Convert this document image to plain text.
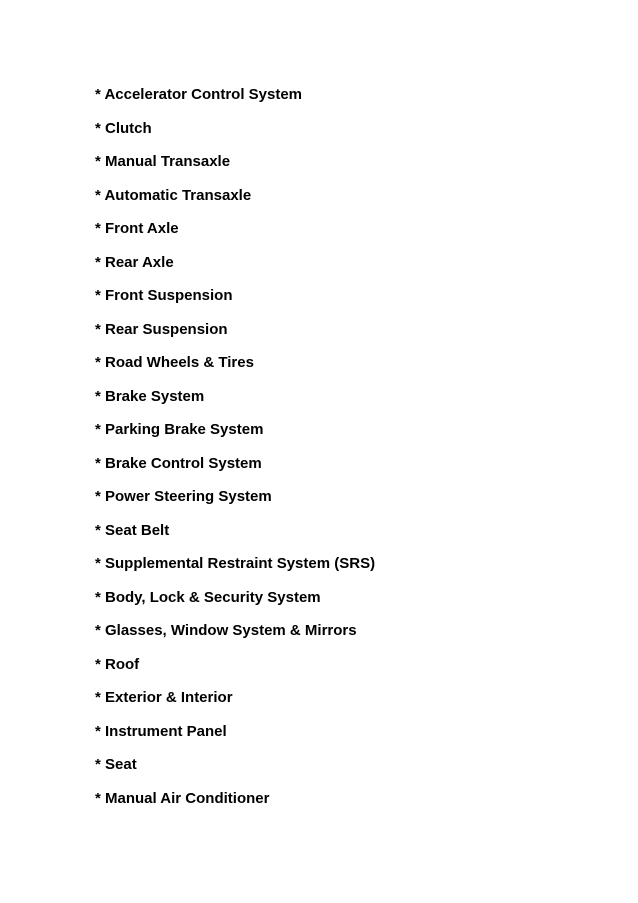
* Accelerator Control System
* Clutch
* Manual Transaxle
* Automatic Transaxle
* Front Axle
* Rear Axle
* Front Suspension
* Rear Suspension
* Road Wheels & Tires
* Brake System
* Parking Brake System
* Brake Control System
* Power Steering System
* Seat Belt
* Supplemental Restraint System (SRS)
* Body, Lock & Security System
* Glasses, Window System & Mirrors
* Roof
* Exterior & Interior
* Instrument Panel
* Seat
* Manual Air Conditioner
